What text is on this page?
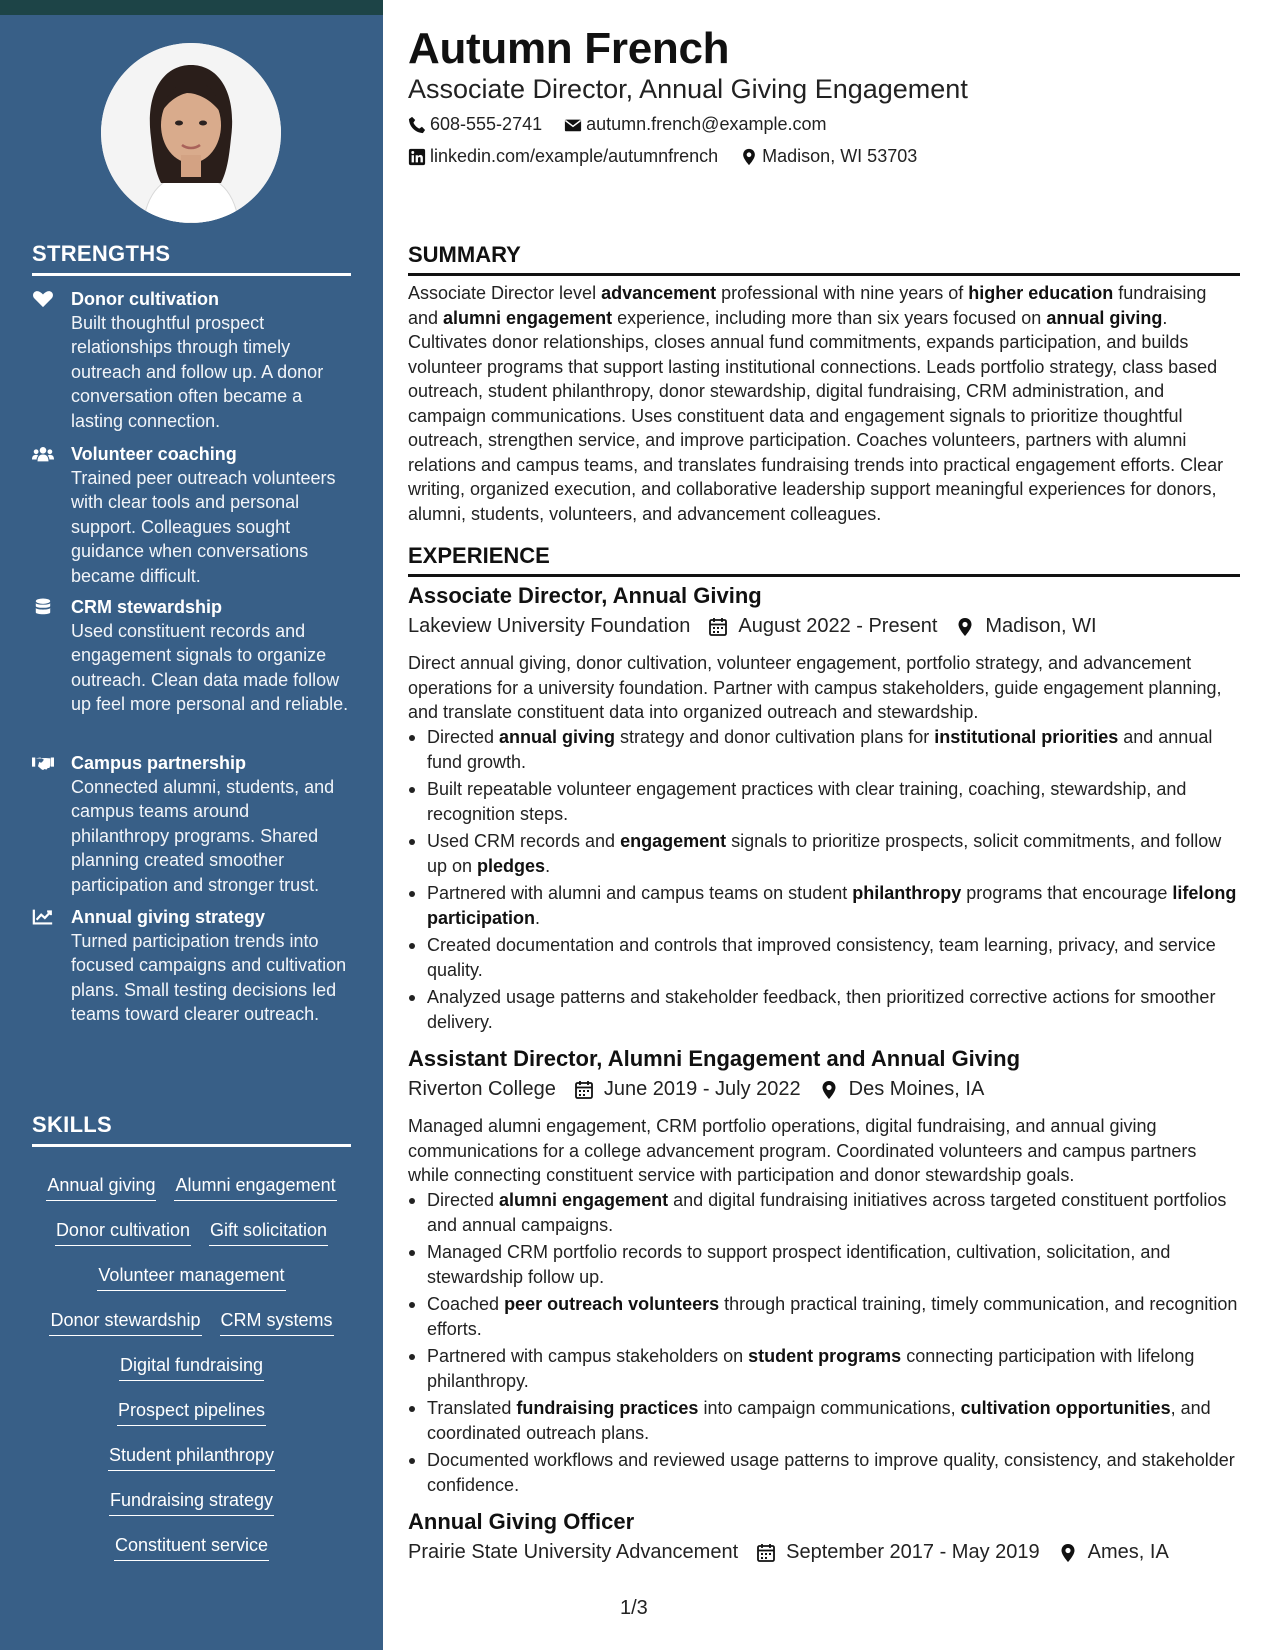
STRENGTHS
Donor cultivation
Built thoughtful prospect relationships through timely outreach and follow up. A donor conversation often became a lasting connection.
Volunteer coaching
Trained peer outreach volunteers with clear tools and personal support. Colleagues sought guidance when conversations became difficult.
CRM stewardship
Used constituent records and engagement signals to organize outreach. Clean data made follow up feel more personal and reliable.
Campus partnership
Connected alumni, students, and campus teams around philanthropy programs. Shared planning created smoother participation and stronger trust.
Annual giving strategy
Turned participation trends into focused campaigns and cultivation plans. Small testing decisions led teams toward clearer outreach.
SKILLS
Annual giving Alumni engagement
Donor cultivation Gift solicitation
Volunteer management
Donor stewardship CRM systems
Digital fundraising
Prospect pipelines
Student philanthropy
Fundraising strategy
Constituent service
Autumn French
Associate Director, Annual Giving Engagement
608-555-2741 autumn.french@example.com
linkedin.com/example/autumnfrench Madison, WI 53703
SUMMARY
Associate Director level advancement professional with nine years of higher education fundraising and alumni engagement experience, including more than six years focused on annual giving. Cultivates donor relationships, closes annual fund commitments, expands participation, and builds volunteer programs that support lasting institutional connections. Leads portfolio strategy, class based outreach, student philanthropy, donor stewardship, digital fundraising, CRM administration, and campaign communications. Uses constituent data and engagement signals to prioritize thoughtful outreach, strengthen service, and improve participation. Coaches volunteers, partners with alumni relations and campus teams, and translates fundraising trends into practical engagement efforts. Clear writing, organized execution, and collaborative leadership support meaningful experiences for donors, alumni, students, volunteers, and advancement colleagues.
EXPERIENCE
Associate Director, Annual Giving
Lakeview University Foundation August 2022 - Present Madison, WI
Direct annual giving, donor cultivation, volunteer engagement, portfolio strategy, and advancement operations for a university foundation. Partner with campus stakeholders, guide engagement planning, and translate constituent data into organized outreach and stewardship.
Directed annual giving strategy and donor cultivation plans for institutional priorities and annual fund growth.
Built repeatable volunteer engagement practices with clear training, coaching, stewardship, and recognition steps.
Used CRM records and engagement signals to prioritize prospects, solicit commitments, and follow up on pledges.
Partnered with alumni and campus teams on student philanthropy programs that encourage lifelong participation.
Created documentation and controls that improved consistency, team learning, privacy, and service quality.
Analyzed usage patterns and stakeholder feedback, then prioritized corrective actions for smoother delivery.
Assistant Director, Alumni Engagement and Annual Giving
Riverton College June 2019 - July 2022 Des Moines, IA
Managed alumni engagement, CRM portfolio operations, digital fundraising, and annual giving communications for a college advancement program. Coordinated volunteers and campus partners while connecting constituent service with participation and donor stewardship goals.
Directed alumni engagement and digital fundraising initiatives across targeted constituent portfolios and annual campaigns.
Managed CRM portfolio records to support prospect identification, cultivation, solicitation, and stewardship follow up.
Coached peer outreach volunteers through practical training, timely communication, and recognition efforts.
Partnered with campus stakeholders on student programs connecting participation with lifelong philanthropy.
Translated fundraising practices into campaign communications, cultivation opportunities, and coordinated outreach plans.
Documented workflows and reviewed usage patterns to improve quality, consistency, and stakeholder confidence.
Annual Giving Officer
Prairie State University Advancement September 2017 - May 2019 Ames, IA
1/3
